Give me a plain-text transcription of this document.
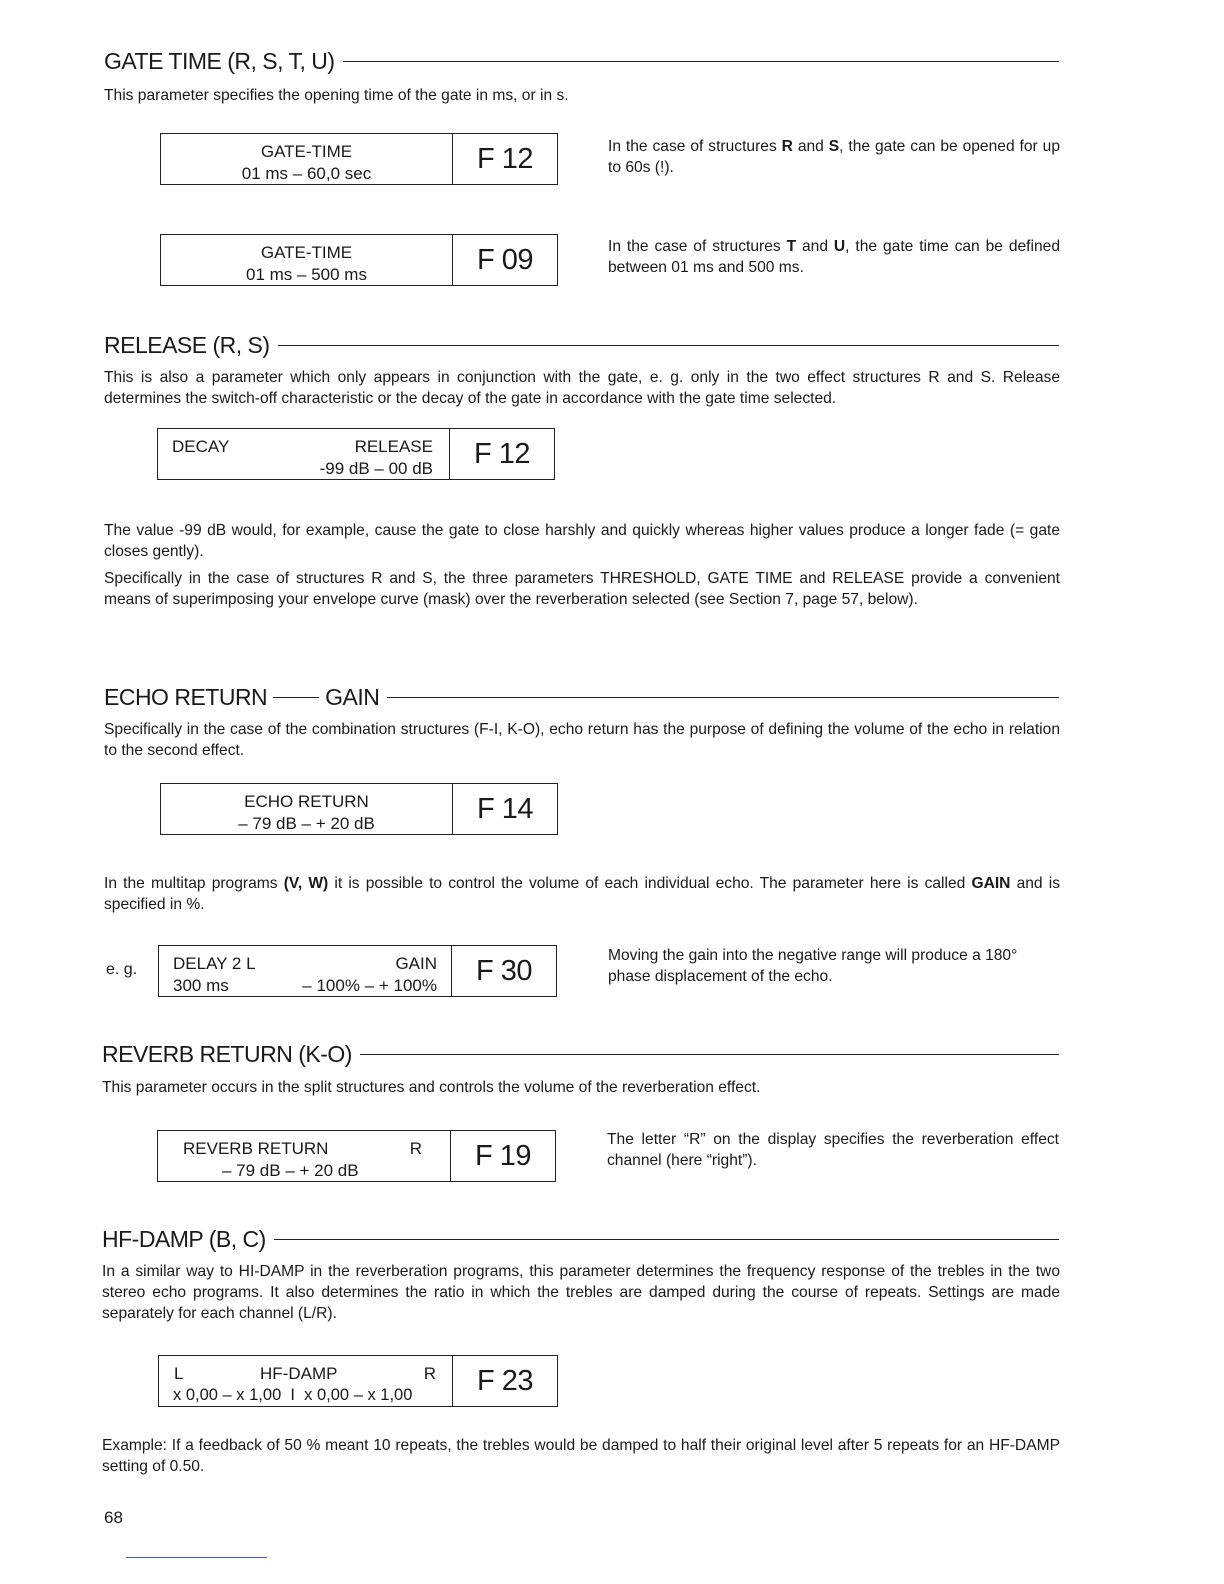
GATE TIME (R, S, T, U)
This parameter specifies the opening time of the gate in ms, or in s.
GATE-TIME
01 ms – 60,0 sec	F 12	In the case of structures R and S, the gate can be opened for up to 60s (!).
GATE-TIME
01 ms – 500 ms	F 09	In the case of structures T and U, the gate time can be defined between 01 ms and 500 ms.
RELEASE (R, S)
This is also a parameter which only appears in conjunction with the gate, e. g. only in the two effect structures R and S. Release determines the switch-off characteristic or the decay of the gate in accordance with the gate time selected.
DECAY	RELEASE
-99 dB – 00 dB	F 12
The value -99 dB would, for example, cause the gate to close harshly and quickly whereas higher values produce a longer fade (= gate closes gently).
Specifically in the case of structures R and S, the three parameters THRESHOLD, GATE TIME and RELEASE provide a convenient means of superimposing your envelope curve (mask) over the reverberation selected (see Section 7, page 57, below).
ECHO RETURN	GAIN
Specifically in the case of the combination structures (F-I, K-O), echo return has the purpose of defining the volume of the echo in relation to the second effect.
ECHO RETURN
– 79 dB – + 20 dB	F 14
In the multitap programs (V, W) it is possible to control the volume of each individual echo. The parameter here is called GAIN and is specified in %.
e. g. DELAY 2 L	GAIN
300 ms	– 100% – + 100%	F 30	Moving the gain into the negative range will produce a 180° phase displacement of the echo.
REVERB RETURN (K-O)
This parameter occurs in the split structures and controls the volume of the reverberation effect.
REVERB RETURN	R
– 79 dB – + 20 dB	F 19	The letter “R” on the display specifies the reverberation effect channel (here “right”).
HF-DAMP (B, C)
In a similar way to HI-DAMP in the reverberation programs, this parameter determines the frequency response of the trebles in the two stereo echo programs. It also determines the ratio in which the trebles are damped during the course of repeats. Settings are made separately for each channel (L/R).
L	HF-DAMP	R
x 0,00 – x 1,00  I  x 0,00 – x 1,00	F 23
Example: If a feedback of 50 % meant 10 repeats, the trebles would be damped to half their original level after 5 repeats for an HF-DAMP setting of 0.50.
68
